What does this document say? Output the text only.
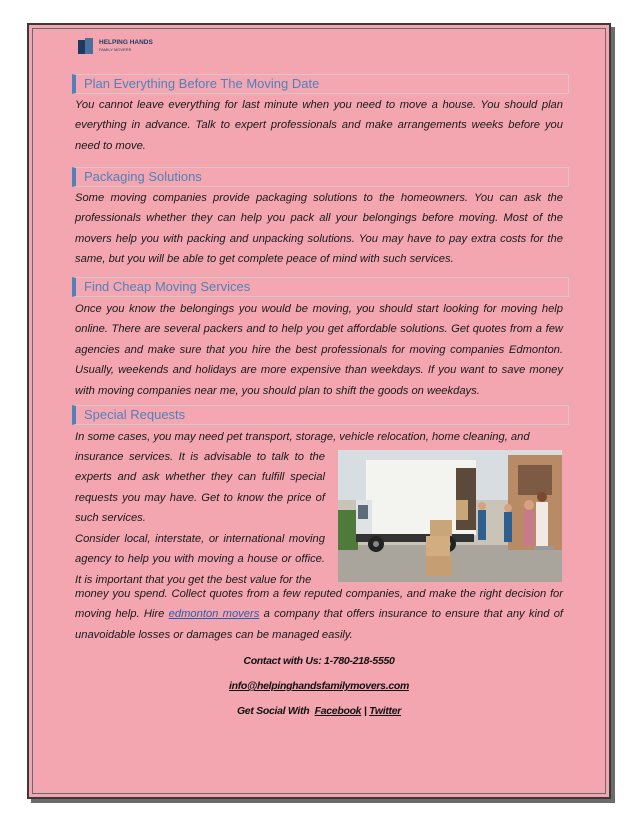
HELPING HANDS
FAMILY MOVERS
Plan Everything Before The Moving Date
You cannot leave everything for last minute when you need to move a house. You should plan everything in advance. Talk to expert professionals and make arrangements weeks before you need to move.
Packaging Solutions
Some moving companies provide packaging solutions to the homeowners. You can ask the professionals whether they can help you pack all your belongings before moving. Most of the movers help you with packing and unpacking solutions. You may have to pay extra costs for the same, but you will be able to get complete peace of mind with such services.
Find Cheap Moving Services
Once you know the belongings you would be moving, you should start looking for moving help online. There are several packers and to help you get affordable solutions. Get quotes from a few agencies and make sure that you hire the best professionals for moving companies Edmonton. Usually, weekends and holidays are more expensive than weekdays. If you want to save money with moving companies near me, you should plan to shift the goods on weekdays.
Special Requests
In some cases, you may need pet transport, storage, vehicle relocation, home cleaning, and
insurance services. It is advisable to talk to the experts and ask whether they can fulfill special requests you may have. Get to know the price of such services.
Consider local, interstate, or international moving agency to help you with moving a house or office. It is important that you get the best value for the
money you spend. Collect quotes from a few reputed companies, and make the right decision for moving help. Hire edmonton movers a company that offers insurance to ensure that any kind of unavoidable losses or damages can be managed easily.
Contact with Us: 1-780-218-5550
info@helpinghandsfamilymovers.com
Get Social With Facebook | Twitter
